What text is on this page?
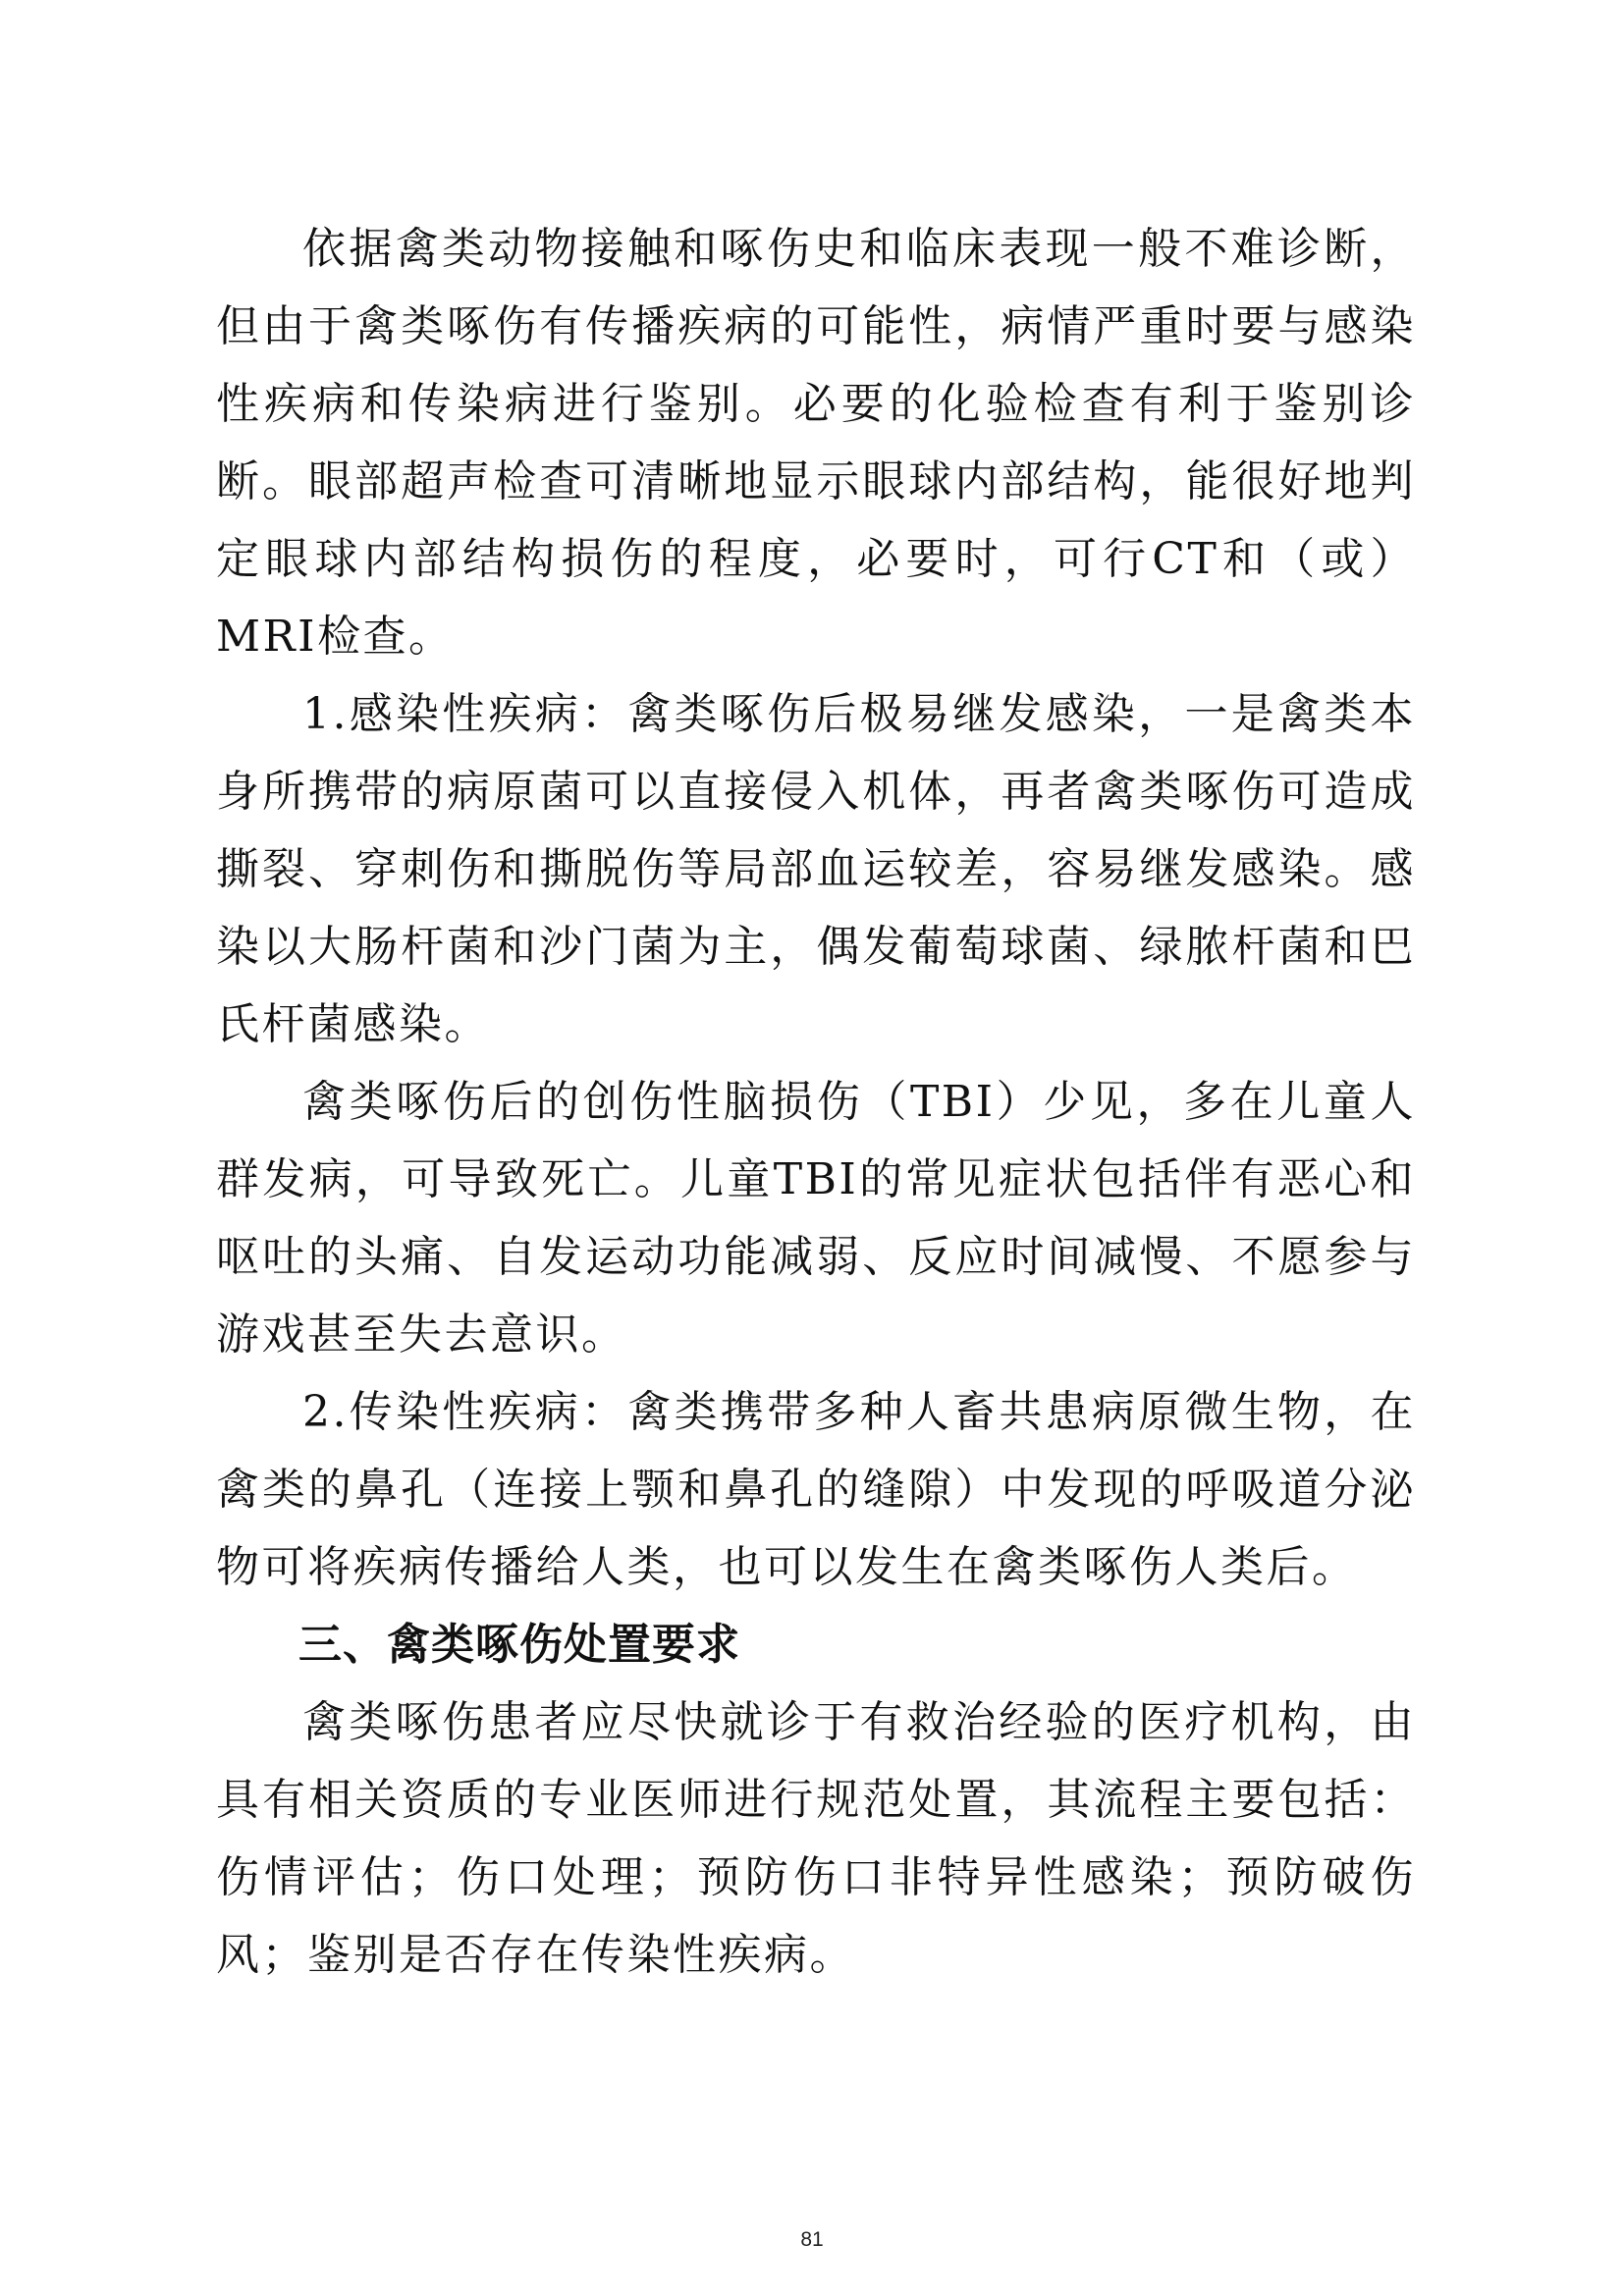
依据禽类动物接触和啄伤史和临床表现一般不难诊断，但由于禽类啄伤有传播疾病的可能性，病情严重时要与感染性疾病和传染病进行鉴别。必要的化验检查有利于鉴别诊断。眼部超声检查可清晰地显示眼球内部结构，能很好地判定眼球内部结构损伤的程度，必要时，可行CT和（或）MRI检查。

1.感染性疾病：禽类啄伤后极易继发感染，一是禽类本身所携带的病原菌可以直接侵入机体，再者禽类啄伤可造成撕裂、穿刺伤和撕脱伤等局部血运较差，容易继发感染。感染以大肠杆菌和沙门菌为主，偶发葡萄球菌、绿脓杆菌和巴氏杆菌感染。

禽类啄伤后的创伤性脑损伤（TBI）少见，多在儿童人群发病，可导致死亡。儿童TBI的常见症状包括伴有恶心和呕吐的头痛、自发运动功能减弱、反应时间减慢、不愿参与游戏甚至失去意识。

2.传染性疾病：禽类携带多种人畜共患病原微生物，在禽类的鼻孔（连接上颚和鼻孔的缝隙）中发现的呼吸道分泌物可将疾病传播给人类，也可以发生在禽类啄伤人类后。

三、禽类啄伤处置要求

禽类啄伤患者应尽快就诊于有救治经验的医疗机构，由具有相关资质的专业医师进行规范处置，其流程主要包括：伤情评估；伤口处理；预防伤口非特异性感染；预防破伤风；鉴别是否存在传染性疾病。

81
